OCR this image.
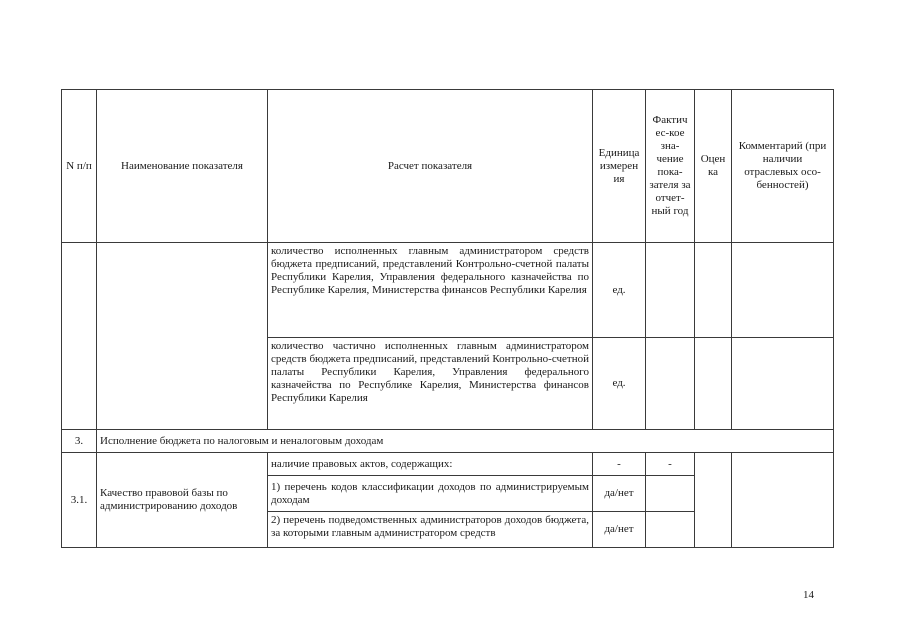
N п/п	Наименование показателя	Расчет показателя	Единица измерен ия	Фактич ес-кое зна- чение пока- зателя за отчет- ный год	Оцен ка	Комментарий (при наличии отраслевых осо- бенностей)
		количество исполненных главным администратором средств бюджета предписаний, представлений Контрольно-счетной палаты Республики Карелия, Управления федерального казначейства по Республике Карелия, Министерства финансов Республики Карелия	ед.			
		количество частично исполненных главным администратором средств бюджета предписаний, представлений Контрольно-счетной палаты Республики Карелия, Управления федерального казначейства по Республике Карелия, Министерства финансов Республики Карелия	ед.			
3.	Исполнение бюджета по налоговым и неналоговым доходам					
3.1.	Качество правовой базы по администрированию доходов	наличие правовых актов, содержащих:	-	-		
		1) перечень кодов классификации доходов по администрируемым доходам	да/нет			
		2) перечень подведомственных администраторов доходов бюджета, за которыми главным администратором средств	да/нет			
14
